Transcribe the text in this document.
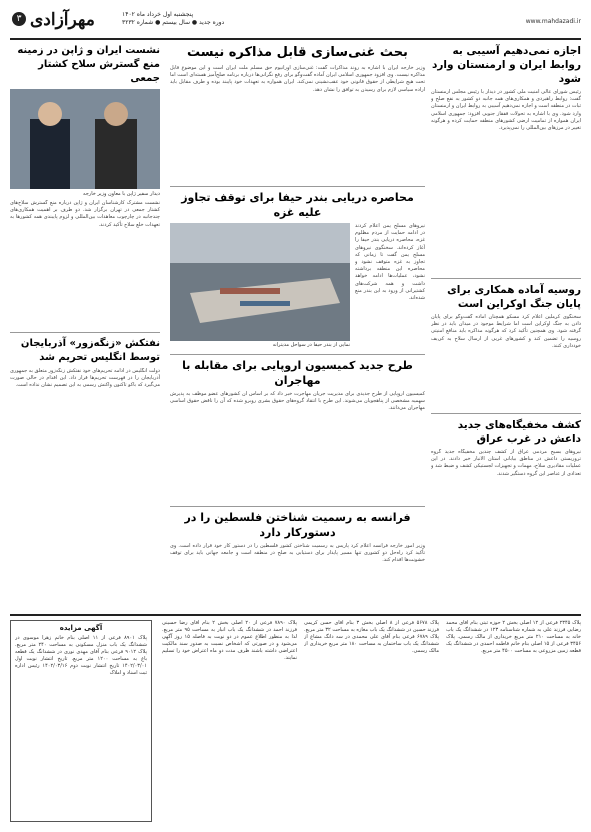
۳ مهرآزادی	پنجشنبه اول خرداد ماه ۱۴۰۲
دوره جدید ● سال بیستم ● شماره ۳۲۳۲	www.mahdazadi.ir
اجازه نمی‌دهیم آسیبی به روابط ایران و ارمنستان وارد شود
رئیس شورای عالی امنیت ملی کشور در دیدار با رئیس مجلس ارمنستان گفت: روابط راهبردی و همکاری‌های همه جانبه دو کشور به نفع صلح و ثبات در منطقه است و اجازه نمی‌دهیم آسیبی به روابط ایران و ارمنستان وارد شود. وی با اشاره به تحولات قفقاز جنوبی افزود: جمهوری اسلامی ایران همواره از تمامیت ارضی کشورهای منطقه حمایت کرده و هرگونه تغییر در مرزهای بین‌المللی را نمی‌پذیرد.
روسیه آماده همکاری برای پایان جنگ اوکراین است
سخنگوی کرملین اعلام کرد مسکو همچنان آماده گفت‌وگو برای پایان دادن به جنگ اوکراین است اما شرایط موجود در میدان باید در نظر گرفته شود. وی همچنین تأکید کرد که هرگونه مذاکره باید منافع امنیتی روسیه را تضمین کند و کشورهای غربی از ارسال سلاح به کی‌یف خودداری کنند.
کشف مخفیگاه‌های جدید داعش در غرب عراق
نیروهای بسیج مردمی عراق از کشف چندین مخفیگاه جدید گروه تروریستی داعش در مناطق بیابانی استان الانبار خبر دادند. در این عملیات مقادیری سلاح، مهمات و تجهیزات لجستیکی کشف و ضبط شد و تعدادی از عناصر این گروه دستگیر شدند.
بحث غنی‌سازی قابل مذاکره نیست
وزیر خارجه ایران با اشاره به روند مذاکرات گفت: غنی‌سازی اورانیوم حق مسلم ملت ایران است و این موضوع قابل مذاکره نیست. وی افزود جمهوری اسلامی ایران آماده گفت‌وگو برای رفع نگرانی‌ها درباره برنامه صلح‌آمیز هسته‌ای است اما تحت هیچ شرایطی از حقوق قانونی خود عقب‌نشینی نمی‌کند. ایران همواره به تعهدات خود پایبند بوده و طرف مقابل باید اراده سیاسی لازم برای رسیدن به توافق را نشان دهد.
محاصره دریایی بندر حیفا برای توقف تجاوز علیه غزه
نیروهای مسلح یمن اعلام کردند در ادامه حمایت از مردم مظلوم غزه، محاصره دریایی بندر حیفا را آغاز کرده‌اند. سخنگوی نیروهای مسلح یمن گفت تا زمانی که تجاوز به غزه متوقف نشود و محاصره این منطقه برداشته نشود، عملیات‌ها ادامه خواهد داشت و همه شرکت‌های کشتیرانی از ورود به این بندر منع شده‌اند.
نمایی از بندر حیفا در سواحل مدیترانه
طرح جدید کمیسیون اروپایی برای مقابله با مهاجران
کمیسیون اروپایی از طرح جدیدی برای مدیریت جریان مهاجرت خبر داد که بر اساس آن کشورهای عضو موظف به پذیرش سهمیه مشخصی از پناهجویان می‌شوند. این طرح با انتقاد گروه‌های حقوق بشری روبرو شده که آن را ناقض حقوق اساسی مهاجران می‌دانند.
فرانسه به رسمیت شناختن فلسطین را در دستورکار دارد
وزیر امور خارجه فرانسه اعلام کرد پاریس به رسمیت شناختن کشور فلسطین را در دستور کار خود قرار داده است. وی تأکید کرد راه‌حل دو کشوری تنها مسیر پایدار برای دستیابی به صلح در منطقه است و جامعه جهانی باید برای توقف خشونت‌ها اقدام کند.
نشست ایران و ژاپن در زمینه منع گسترش سلاح کشتار جمعی
دیدار سفیر ژاپن با معاون وزیر خارجه
نشست مشترک کارشناسان ایران و ژاپن درباره منع گسترش سلاح‌های کشتار جمعی در تهران برگزار شد. دو طرف بر اهمیت همکاری‌های چندجانبه در چارچوب معاهدات بین‌المللی و لزوم پایبندی همه کشورها به تعهدات خلع سلاح تأکید کردند.
نفتکش «زنگه‌زور» آذربایجان توسط انگلیس تحریم شد
دولت انگلیس در ادامه تحریم‌های خود نفتکش زنگه‌زور متعلق به جمهوری آذربایجان را در فهرست تحریم‌ها قرار داد. این اقدام در حالی صورت می‌گیرد که باکو تاکنون واکنش رسمی به این تصمیم نشان نداده است.
پلاک ۲۳۴۵ فرعی از ۱۲ اصلی بخش ۲ حوزه ثبتی بنام آقای محمد رضایی فرزند علی به شماره شناسنامه ۱۲۳ در ششدانگ یک باب خانه به مساحت ۲۱۰ متر مربع خریداری از مالک رسمی. پلاک ۳۴۵۶ فرعی از ۱۵ اصلی بنام خانم فاطمه احمدی در ششدانگ یک قطعه زمین مزروعی به مساحت ۴۵۰۰ متر مربع.
پلاک ۵۶۷۸ فرعی از ۸ اصلی بخش ۳ بنام آقای حسن کریمی فرزند حسین در ششدانگ یک باب مغازه به مساحت ۳۲ متر مربع. پلاک ۶۷۸۹ فرعی بنام آقای علی محمدی در سه دانگ مشاع از ششدانگ یک باب ساختمان به مساحت ۱۸۰ متر مربع خریداری از مالک رسمی.
پلاک ۷۸۹۰ فرعی از ۲۰ اصلی بخش ۲ بنام آقای رضا حسینی فرزند احمد در ششدانگ یک باب انبار به مساحت ۹۵ متر مربع. لذا به منظور اطلاع عموم در دو نوبت به فاصله ۱۵ روز آگهی می‌شود و در صورتی که اشخاص نسبت به صدور سند مالکیت اعتراضی داشته باشند ظرف مدت دو ماه اعتراض خود را تسلیم نمایند.
آگهی مزایده
پلاک ۸۹۰۱ فرعی از ۱۱ اصلی بنام خانم زهرا موسوی در ششدانگ یک باب منزل مسکونی به مساحت ۲۴۰ متر مربع. پلاک ۹۰۱۲ فرعی بنام آقای مهدی نوری در ششدانگ یک قطعه باغ به مساحت ۱۲۰۰ متر مربع. تاریخ انتشار نوبت اول ۱۴۰۲/۰۳/۰۱ تاریخ انتشار نوبت دوم ۱۴۰۲/۰۳/۱۶ رئیس اداره ثبت اسناد و املاک
